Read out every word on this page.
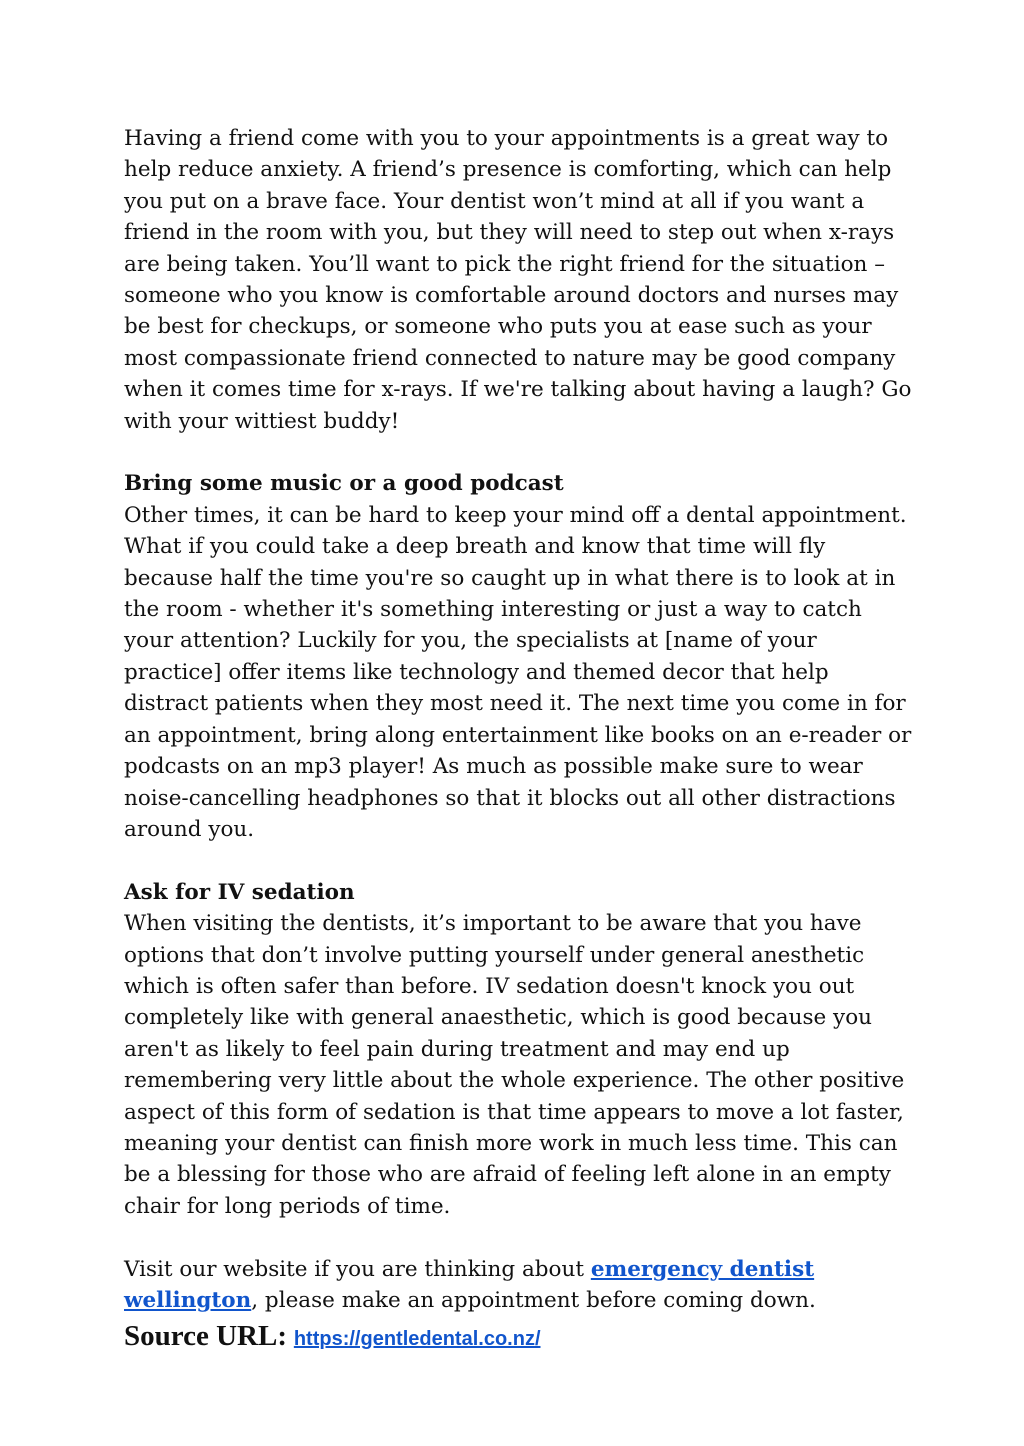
Having a friend come with you to your appointments is a great way to help reduce anxiety. A friend’s presence is comforting, which can help you put on a brave face. Your dentist won’t mind at all if you want a friend in the room with you, but they will need to step out when x-rays are being taken. You’ll want to pick the right friend for the situation – someone who you know is comfortable around doctors and nurses may be best for checkups, or someone who puts you at ease such as your most compassionate friend connected to nature may be good company when it comes time for x-rays. If we're talking about having a laugh? Go with your wittiest buddy!

Bring some music or a good podcast

Other times, it can be hard to keep your mind off a dental appointment. What if you could take a deep breath and know that time will fly because half the time you're so caught up in what there is to look at in the room - whether it's something interesting or just a way to catch your attention? Luckily for you, the specialists at [name of your practice] offer items like technology and themed decor that help distract patients when they most need it. The next time you come in for an appointment, bring along entertainment like books on an e-reader or podcasts on an mp3 player! As much as possible make sure to wear noise-cancelling headphones so that it blocks out all other distractions around you.

Ask for IV sedation

When visiting the dentists, it’s important to be aware that you have options that don’t involve putting yourself under general anesthetic which is often safer than before. IV sedation doesn't knock you out completely like with general anaesthetic, which is good because you aren't as likely to feel pain during treatment and may end up remembering very little about the whole experience. The other positive aspect of this form of sedation is that time appears to move a lot faster, meaning your dentist can finish more work in much less time. This can be a blessing for those who are afraid of feeling left alone in an empty chair for long periods of time.

Visit our website if you are thinking about emergency dentist wellington, please make an appointment before coming down.

Source URL: https://gentledental.co.nz/
